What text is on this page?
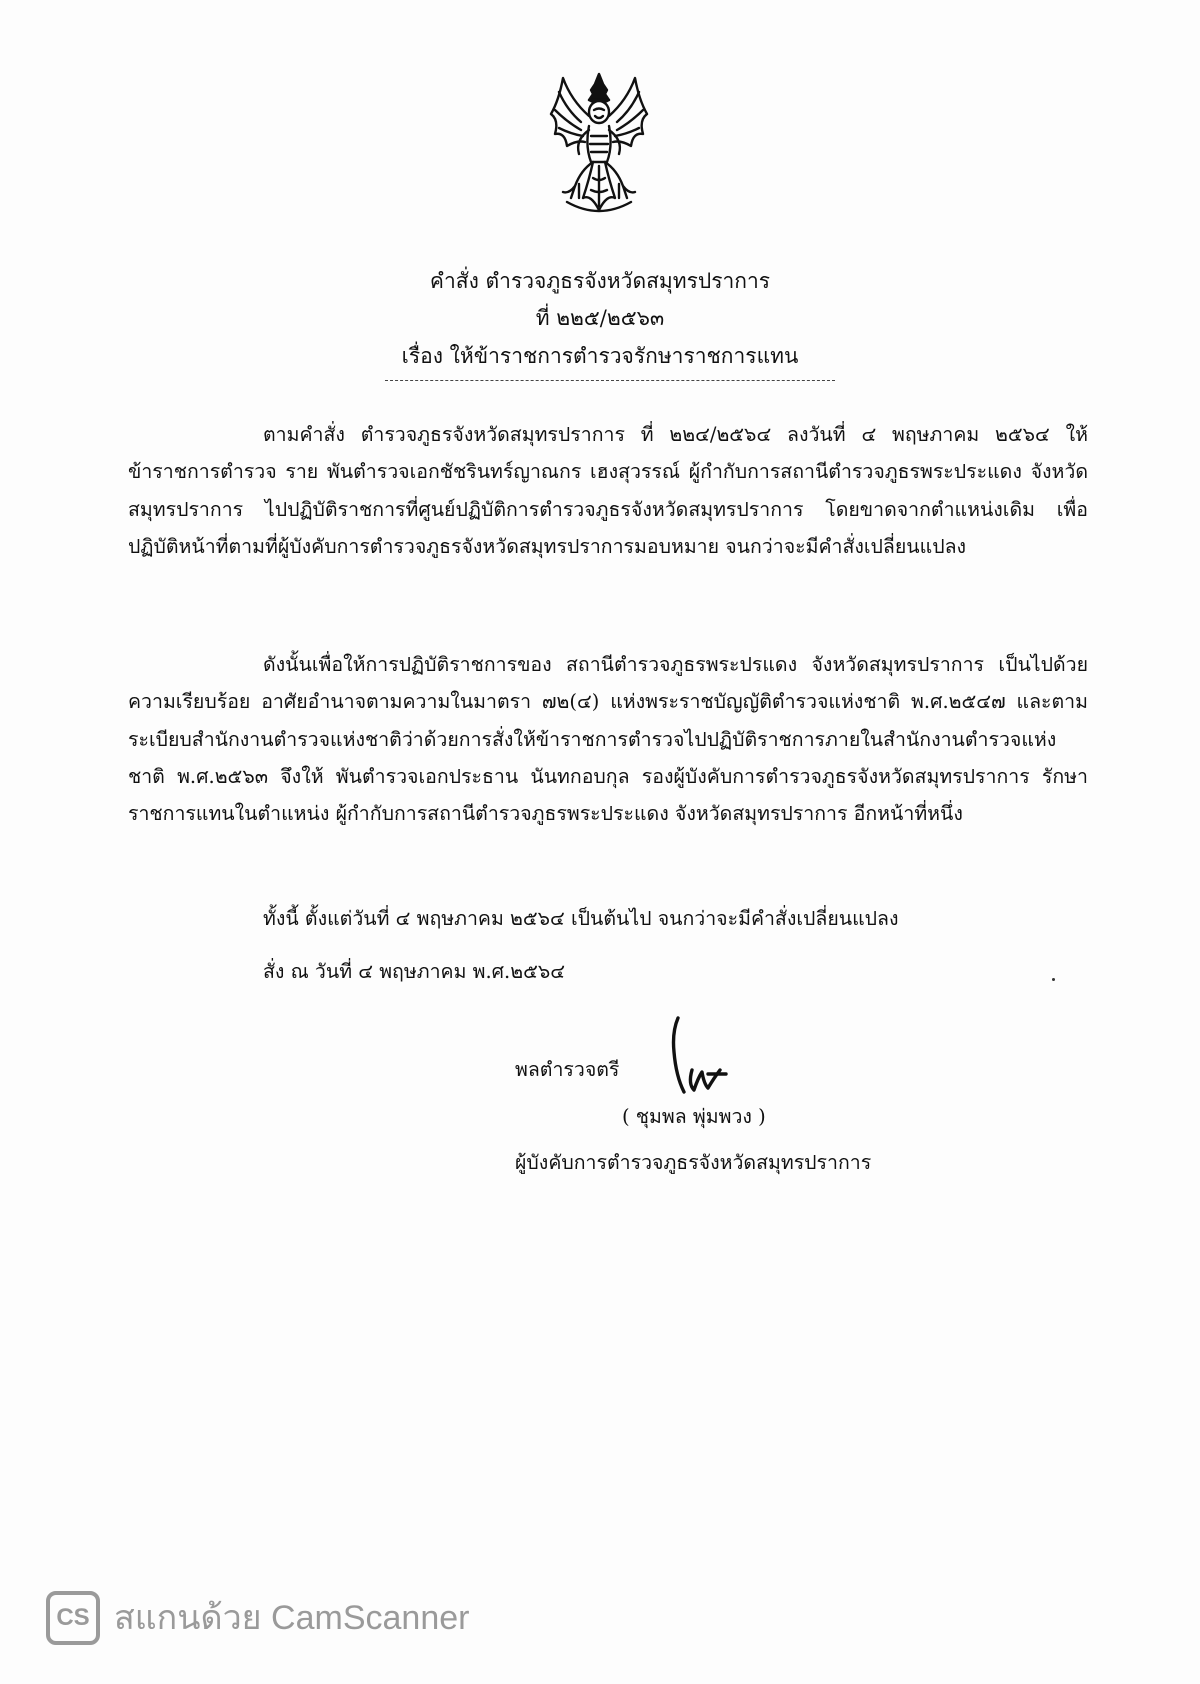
คำสั่ง ตำรวจภูธรจังหวัดสมุทรปราการ
ที่ ๒๒๕/๒๕๖๓
เรื่อง ให้ข้าราชการตำรวจรักษาราชการแทน
ตามคำสั่ง ตำรวจภูธรจังหวัดสมุทรปราการ ที่ ๒๒๔/๒๕๖๔ ลงวันที่ ๔ พฤษภาคม ๒๕๖๔ ให้ข้าราชการตำรวจ ราย พันตำรวจเอกชัชรินทร์ญาณกร เฮงสุวรรณ์ ผู้กำกับการสถานีตำรวจภูธรพระประแดง จังหวัดสมุทรปราการ ไปปฏิบัติราชการที่ศูนย์ปฏิบัติการตำรวจภูธรจังหวัดสมุทรปราการ โดยขาดจากตำแหน่งเดิม เพื่อปฏิบัติหน้าที่ตามที่ผู้บังคับการตำรวจภูธรจังหวัดสมุทรปราการมอบหมาย จนกว่าจะมีคำสั่งเปลี่ยนแปลง
ดังนั้นเพื่อให้การปฏิบัติราชการของ สถานีตำรวจภูธรพระปรแดง จังหวัดสมุทรปราการ เป็นไปด้วยความเรียบร้อย อาศัยอำนาจตามความในมาตรา ๗๒(๔) แห่งพระราชบัญญัติตำรวจแห่งชาติ พ.ศ.๒๕๔๗ และตามระเบียบสำนักงานตำรวจแห่งชาติว่าด้วยการสั่งให้ข้าราชการตำรวจไปปฏิบัติราชการภายในสำนักงานตำรวจแห่งชาติ พ.ศ.๒๕๖๓ จึงให้ พันตำรวจเอกประธาน นันทกอบกุล รองผู้บังคับการตำรวจภูธรจังหวัดสมุทรปราการ รักษาราชการแทนในตำแหน่ง ผู้กำกับการสถานีตำรวจภูธรพระประแดง จังหวัดสมุทรปราการ อีกหน้าที่หนึ่ง
ทั้งนี้ ตั้งแต่วันที่ ๔ พฤษภาคม ๒๕๖๔ เป็นต้นไป จนกว่าจะมีคำสั่งเปลี่ยนแปลง
สั่ง ณ วันที่ ๔ พฤษภาคม พ.ศ.๒๕๖๔
พลตำรวจตรี
( ชุมพล พุ่มพวง )
ผู้บังคับการตำรวจภูธรจังหวัดสมุทรปราการ
CS สแกนด้วย CamScanner
